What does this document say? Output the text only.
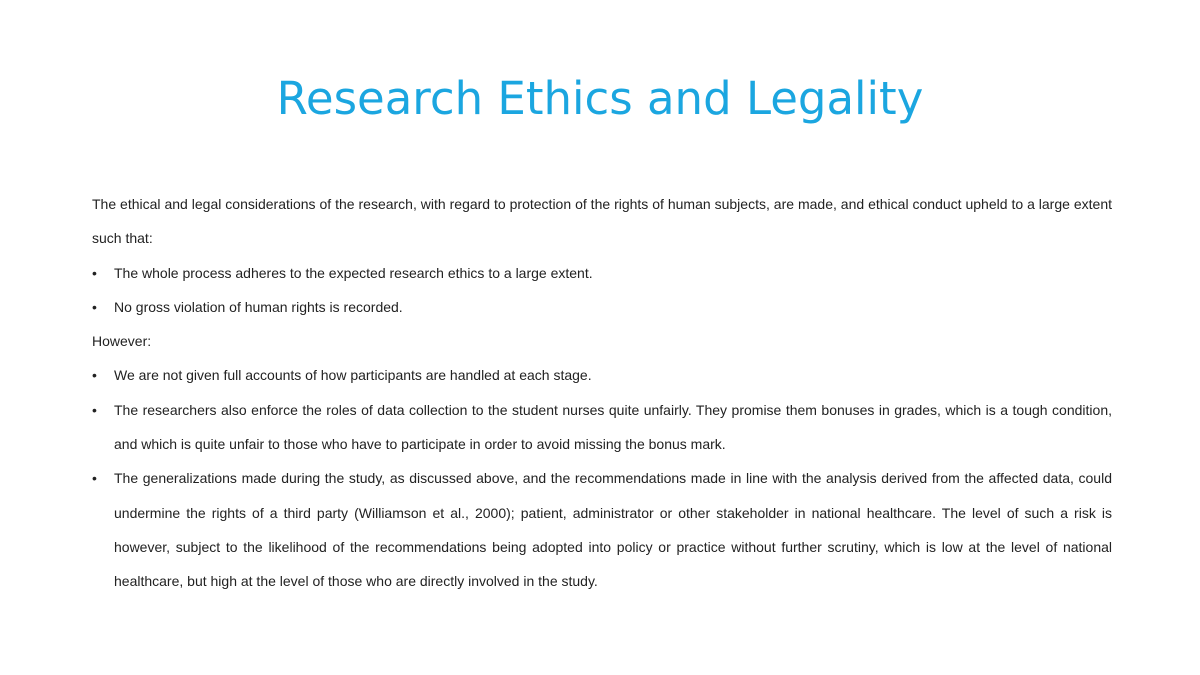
Research Ethics and Legality

The ethical and legal considerations of the research, with regard to protection of the rights of human subjects, are made, and ethical conduct upheld to a large extent such that:

•	The whole process adheres to the expected research ethics to a large extent.
•	No gross violation of human rights is recorded.

However:

•	We are not given full accounts of how participants are handled at each stage.
•	The researchers also enforce the roles of data collection to the student nurses quite unfairly. They promise them bonuses in grades, which is a tough condition, and which is quite unfair to those who have to participate in order to avoid missing the bonus mark.
•	The generalizations made during the study, as discussed above, and the recommendations made in line with the analysis derived from the affected data, could undermine the rights of a third party (Williamson et al., 2000); patient, administrator or other stakeholder in national healthcare. The level of such a risk is however, subject to the likelihood of the recommendations being adopted into policy or practice without further scrutiny, which is low at the level of national healthcare, but high at the level of those who are directly involved in the study.
